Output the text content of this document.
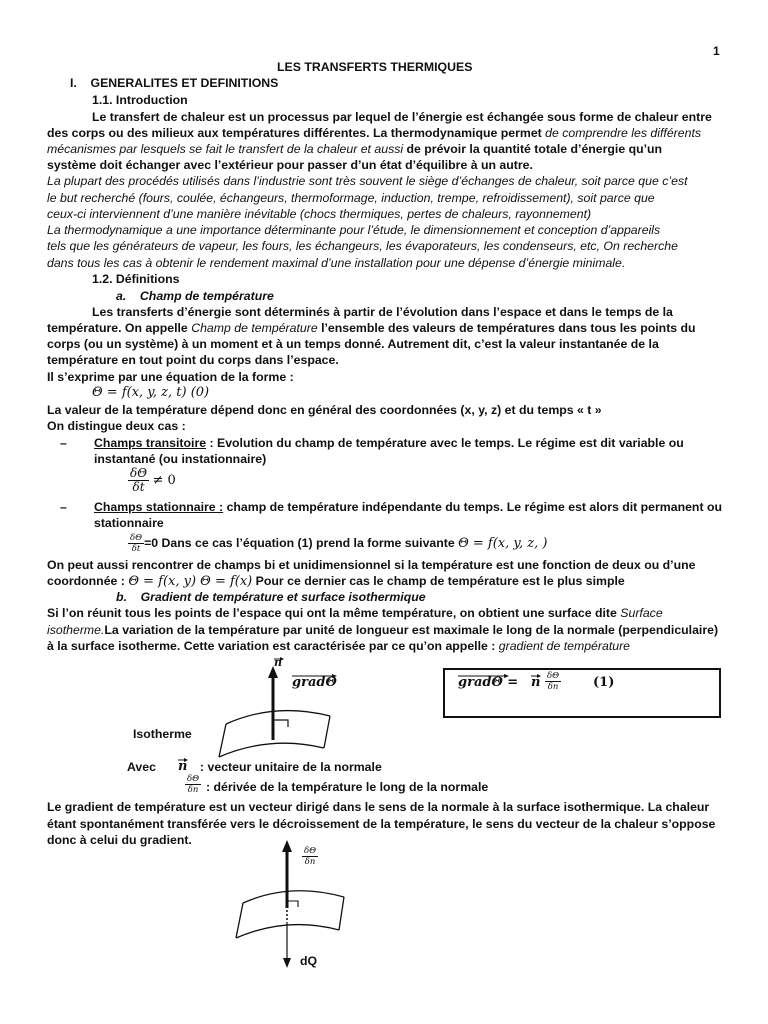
1
LES TRANSFERTS THERMIQUES
I.    GENERALITES ET DEFINITIONS
1.1. Introduction
Le transfert de chaleur est un processus par lequel de l’énergie est échangée sous forme de chaleur entre
des corps ou des milieux aux températures différentes. La thermodynamique permet de comprendre les différents
mécanismes par lesquels se fait le transfert de la chaleur et aussi de prévoir la quantité totale d’énergie qu’un
système doit échanger avec l’extérieur pour passer d’un état d’équilibre à un autre.
La plupart des procédés utilisés dans l’industrie sont très souvent le siège d’échanges de chaleur, soit parce que c’est
le but recherché (fours, coulée, échangeurs, thermoformage, induction, trempe, refroidissement), soit parce que
ceux-ci interviennent d’une manière inévitable (chocs thermiques, pertes de chaleurs, rayonnement)
La thermodynamique a une importance déterminante pour l’étude, le dimensionnement et conception d’appareils
tels que les générateurs de vapeur, les fours, les échangeurs, les évaporateurs, les condenseurs, etc, On recherche
dans tous les cas à obtenir le rendement maximal d’une installation pour une dépense d’énergie minimale.
1.2. Définitions
a.    Champ de température
Les transferts d’énergie sont déterminés à partir de l’évolution dans l’espace et dans le temps de la
température. On appelle Champ de température l’ensemble des valeurs de températures dans tous les points du
corps (ou un système) à un moment et à un temps donné. Autrement dit, c’est la valeur instantanée de la
température en tout point du corps dans l’espace.
Il s’exprime par une équation de la forme :
Θ = f(x, y, z, t) (0)
La valeur de la température dépend donc en général des coordonnées (x, y, z) et du temps « t »
On distingue deux cas :
– Champs transitoire : Evolution du champ de température avec le temps. Le régime est dit variable ou
instantané (ou instationnaire)
$\frac{\delta\Theta}{\delta t} \ne 0$
– Champs stationnaire : champ de température indépendante du temps. Le régime est alors dit permanent ou
stationnaire
$\frac{\delta\Theta}{\delta t} =0$ Dans ce cas l’équation (1) prend la forme suivante Θ = f(x, y, z, )
On peut aussi rencontrer de champs bi et unidimensionnel si la température est une fonction de deux ou d’une
coordonnée : Θ = f(x, y) Θ = f(x) Pour ce dernier cas le champ de température est le plus simple
b.    Gradient de température et surface isothermique
Si l’on réunit tous les points de l’espace qui ont la même température, on obtient une surface dite Surface
isotherme.La variation de la température par unité de longueur est maximale le long de la normale (perpendiculaire)
à la surface isotherme. Cette variation est caractérisée par ce qu’on appelle : gradient de température
n
gradΘ	gradΘ = n $\frac{\delta\Theta}{\delta n} (1)$
Isotherme
Avec n : vecteur unitaire de la normale
$\frac{\delta\Theta}{\delta n}$ : dérivée de la température le long de la normale
Le gradient de température est un vecteur dirigé dans le sens de la normale à la surface isothermique. La chaleur
étant spontanément transférée vers le décroissement de la température, le sens du vecteur de la chaleur s’oppose
donc à celui du gradient.
$\frac{\delta\Theta}{\delta n}$
dQ
